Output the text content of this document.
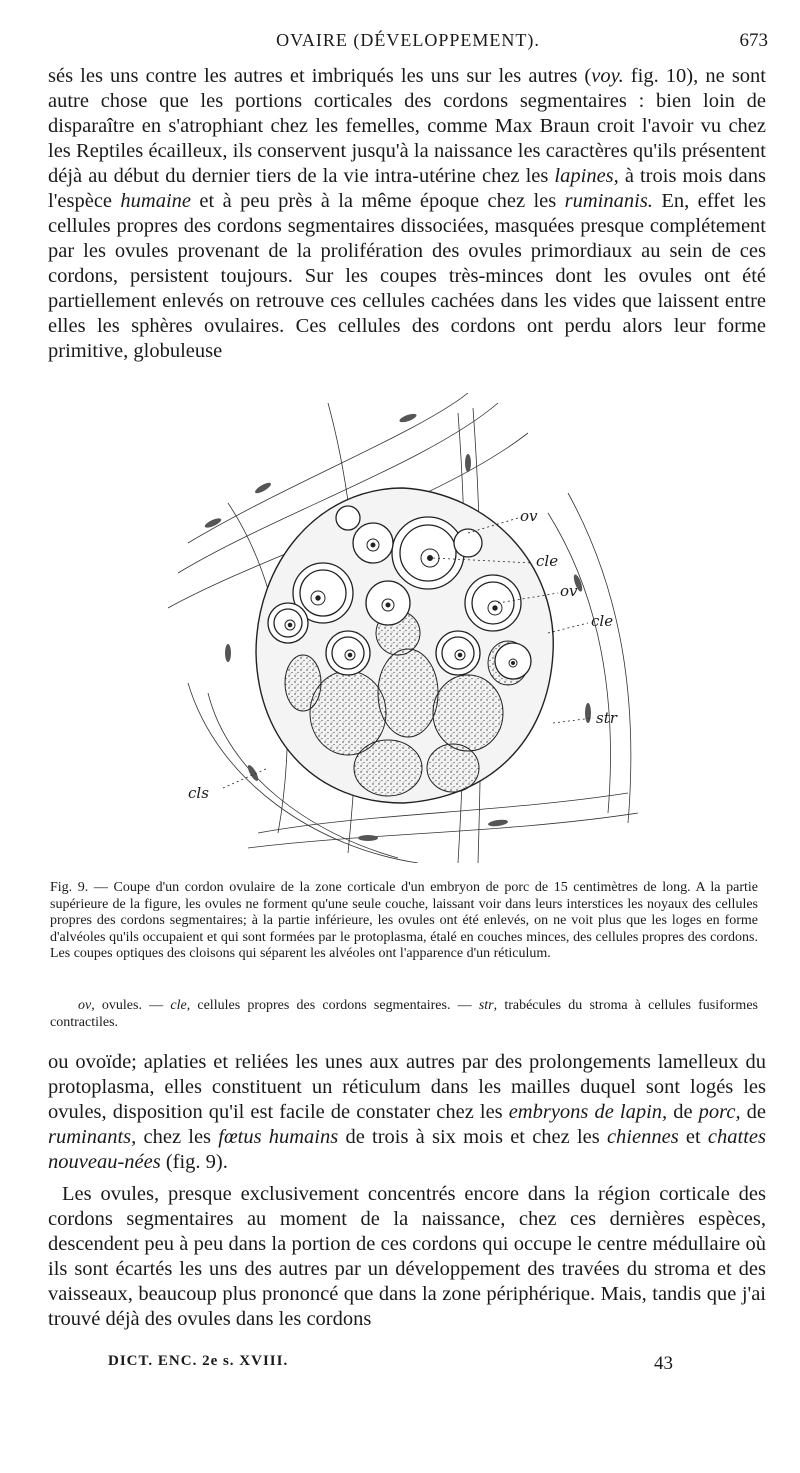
OVAIRE (DÉVELOPPEMENT).	673

sés les uns contre les autres et imbriqués les uns sur les autres (voy. fig. 10), ne sont autre chose que les portions corticales des cordons segmentaires : bien loin de disparaître en s'atrophiant chez les femelles, comme Max Braun croit l'avoir vu chez les Reptiles écailleux, ils conservent jusqu'à la naissance les caractères qu'ils présentent déjà au début du dernier tiers de la vie intra-utérine chez les lapines, à trois mois dans l'espèce humaine et à peu près à la même époque chez les ruminanis. En, effet les cellules propres des cordons segmentaires dissociées, masquées presque complétement par les ovules provenant de la prolifération des ovules primordiaux au sein de ces cordons, persistent toujours. Sur les coupes très-minces dont les ovules ont été partiellement enlevés on retrouve ces cellules cachées dans les vides que laissent entre elles les sphères ovulaires. Ces cellules des cordons ont perdu alors leur forme primitive, globuleuse

ov
cle
ov
cle
str
cls

Fig. 9. — Coupe d'un cordon ovulaire de la zone corticale d'un embryon de porc de 15 centimètres de long. A la partie supérieure de la figure, les ovules ne forment qu'une seule couche, laissant voir dans leurs interstices les noyaux des cellules propres des cordons segmentaires; à la partie inférieure, les ovules ont été enlevés, on ne voit plus que les loges en forme d'alvéoles qu'ils occupaient et qui sont formées par le protoplasma, étalé en couches minces, des cellules propres des cordons. Les coupes optiques des cloisons qui séparent les alvéoles ont l'apparence d'un réticulum.

ov, ovules. — cle, cellules propres des cordons segmentaires. — str, trabécules du stroma à cellules fusiformes contractiles.

ou ovoïde; aplaties et reliées les unes aux autres par des prolongements lamelleux du protoplasma, elles constituent un réticulum dans les mailles duquel sont logés les ovules, disposition qu'il est facile de constater chez les embryons de lapin, de porc, de ruminants, chez les fœtus humains de trois à six mois et chez les chiennes et chattes nouveau-nées (fig. 9).

Les ovules, presque exclusivement concentrés encore dans la région corticale des cordons segmentaires au moment de la naissance, chez ces dernières espèces, descendent peu à peu dans la portion de ces cordons qui occupe le centre médullaire où ils sont écartés les uns des autres par un développement des travées du stroma et des vaisseaux, beaucoup plus prononcé que dans la zone périphérique. Mais, tandis que j'ai trouvé déjà des ovules dans les cordons

DICT. ENC. 2e s. XVIII.	43
